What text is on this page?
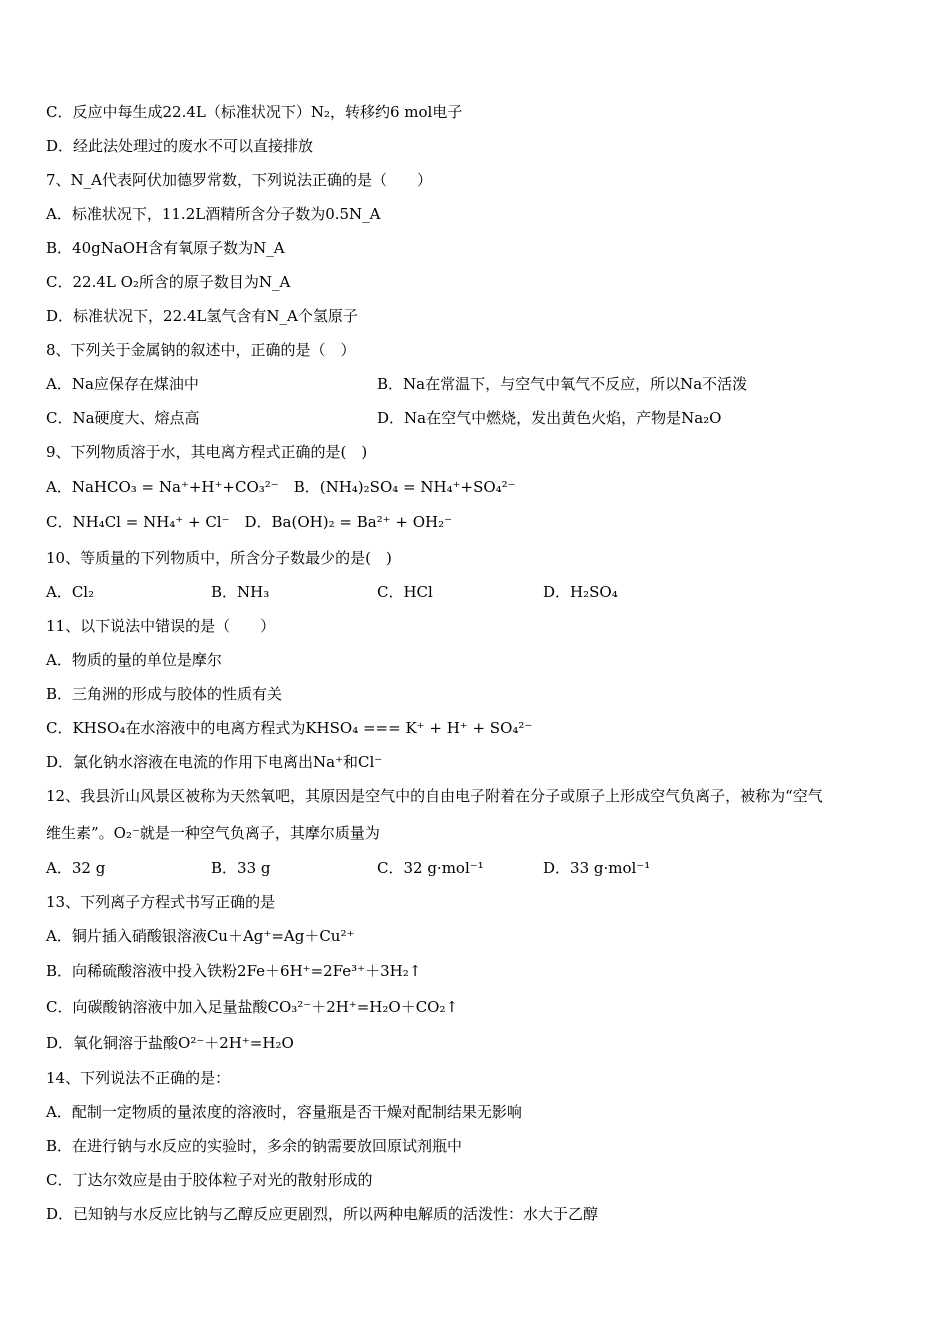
C．反应中每生成22.4L（标准状况下）N₂，转移约6 mol电子
D．经此法处理过的废水不可以直接排放
7、N_A代表阿伏加德罗常数，下列说法正确的是（　　）
A．标准状况下，11.2L酒精所含分子数为0.5N_A
B．40gNaOH含有氧原子数为N_A
C．22.4L O₂所含的原子数目为N_A
D．标准状况下，22.4L氢气含有N_A个氢原子
8、下列关于金属钠的叙述中，正确的是（　）
A．Na应保存在煤油中	B．Na在常温下，与空气中氧气不反应，所以Na不活泼
C．Na硬度大、熔点高	D．Na在空气中燃烧，发出黄色火焰，产物是Na₂O
9、下列物质溶于水，其电离方程式正确的是(　)
A．NaHCO₃ = Na⁺+H⁺+CO₃²⁻　B．(NH₄)₂SO₄ = NH₄⁺+SO₄²⁻
C．NH₄Cl = NH₄⁺ + Cl⁻　D．Ba(OH)₂ = Ba²⁺ + OH₂⁻
10、等质量的下列物质中，所含分子数最少的是(　)
A．Cl₂	B．NH₃	C．HCl	D．H₂SO₄
11、以下说法中错误的是（　　）
A．物质的量的单位是摩尔
B．三角洲的形成与胶体的性质有关
C．KHSO₄在水溶液中的电离方程式为KHSO₄ === K⁺ + H⁺ + SO₄²⁻
D．氯化钠水溶液在电流的作用下电离出Na⁺和Cl⁻
12、我县沂山风景区被称为天然氧吧，其原因是空气中的自由电子附着在分子或原子上形成空气负离子，被称为“空气
维生素”。O₂⁻就是一种空气负离子，其摩尔质量为
A．32 g	B．33 g	C．32 g·mol⁻¹	D．33 g·mol⁻¹
13、下列离子方程式书写正确的是
A．铜片插入硝酸银溶液Cu＋Ag⁺=Ag＋Cu²⁺
B．向稀硫酸溶液中投入铁粉2Fe＋6H⁺=2Fe³⁺＋3H₂↑
C．向碳酸钠溶液中加入足量盐酸CO₃²⁻＋2H⁺=H₂O＋CO₂↑
D．氧化铜溶于盐酸O²⁻＋2H⁺=H₂O
14、下列说法不正确的是：
A．配制一定物质的量浓度的溶液时，容量瓶是否干燥对配制结果无影响
B．在进行钠与水反应的实验时，多余的钠需要放回原试剂瓶中
C．丁达尔效应是由于胶体粒子对光的散射形成的
D．已知钠与水反应比钠与乙醇反应更剧烈，所以两种电解质的活泼性：水大于乙醇
